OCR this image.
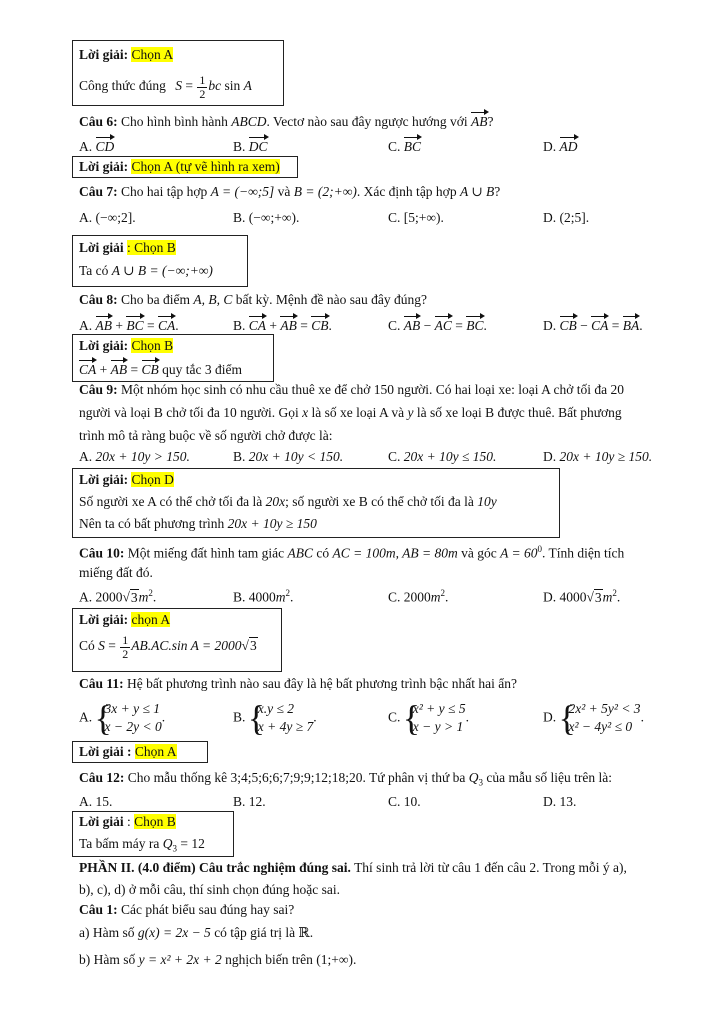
Lời giải: Chọn A
Công thức đúng $S = \frac{1}{2}$ bc sin A
Câu 6: Cho hình bình hành ABCD. Vectơ nào sau đây ngược hướng với AB?
A. CD	B. DC	C. BC	D. AD
Lời giải: Chọn A (tự vẽ hình ra xem)
Câu 7: Cho hai tập hợp A = (−∞;5] và B = (2;+∞). Xác định tập hợp A ∪ B?
A. (−∞;2].	B. (−∞;+∞).	C. [5;+∞).	D. (2;5].
Lời giải : Chọn B
Ta có A ∪ B = (−∞;+∞)
Câu 8: Cho ba điểm A, B, C bất kỳ. Mệnh đề nào sau đây đúng?
A. AB + BC = CA.	B. CA + AB = CB.	C. AB − AC = BC.	D. CB − CA = BA.
Lời giải: Chọn B
CA + AB = CB quy tắc 3 điểm
Câu 9: Một nhóm học sinh có nhu cầu thuê xe để chở 150 người. Có hai loại xe: loại A chở tối đa 20
người và loại B chở tối đa 10 người. Gọi x là số xe loại A và y là số xe loại B được thuê. Bất phương
trình mô tả ràng buộc về số người chở được là:
A. 20x + 10y > 150.	B. 20x + 10y < 150.	C. 20x + 10y ≤ 150.	D. 20x + 10y ≥ 150.
Lời giải: Chọn D
Số người xe A có thể chở tối đa là 20x; số người xe B có thể chở tối đa là 10y
Nên ta có bất phương trình 20x + 10y ≥ 150
Câu 10: Một miếng đất hình tam giác ABC có AC = 100m, AB = 80m và góc $A = 60^0$. Tính diện tích
miếng đất đó.
A. $2000√3m^2$.	B. $4000m^2$.	C. $2000m^2$.	D. $4000√3m^2$.
Lời giải: chọn A
Có $S = \frac{1}{2} AB.AC.\sin$ A = 2000√3
Câu 11: Hệ bất phương trình nào sau đây là hệ bất phương trình bậc nhất hai ẩn?
A.
{ 3x + y ≤ 1
x − 2y < 0
.	B.
{ x.y ≤ 2
x + 4y ≥ 7
.	C.
{ x² + y ≤ 5
x − y > 1
.	D.
{ 2x² + 5y² < 3
x² − 4y² ≤ 0
.
Lời giải : Chọn A
Câu 12: Cho mẫu thống kê 3;4;5;6;6;7;9;9;12;18;20. Tứ phân vị thứ ba $Q_3$ của mẫu số liệu trên là:
A. 15.	B. 12.	C. 10.	D. 13.
Lời giải : Chọn B
Ta bấm máy ra $Q_3 = 12$
PHẦN II. (4.0 điểm) Câu trắc nghiệm đúng sai. Thí sinh trả lời từ câu 1 đến câu 2. Trong mỗi ý a),
b), c), d) ở mỗi câu, thí sinh chọn đúng hoặc sai.
Câu 1: Các phát biểu sau đúng hay sai?
a) Hàm số g(x) = 2x − 5 có tập giá trị là ℝ.
b) Hàm số y = x² + 2x + 2 nghịch biến trên (1;+∞).
